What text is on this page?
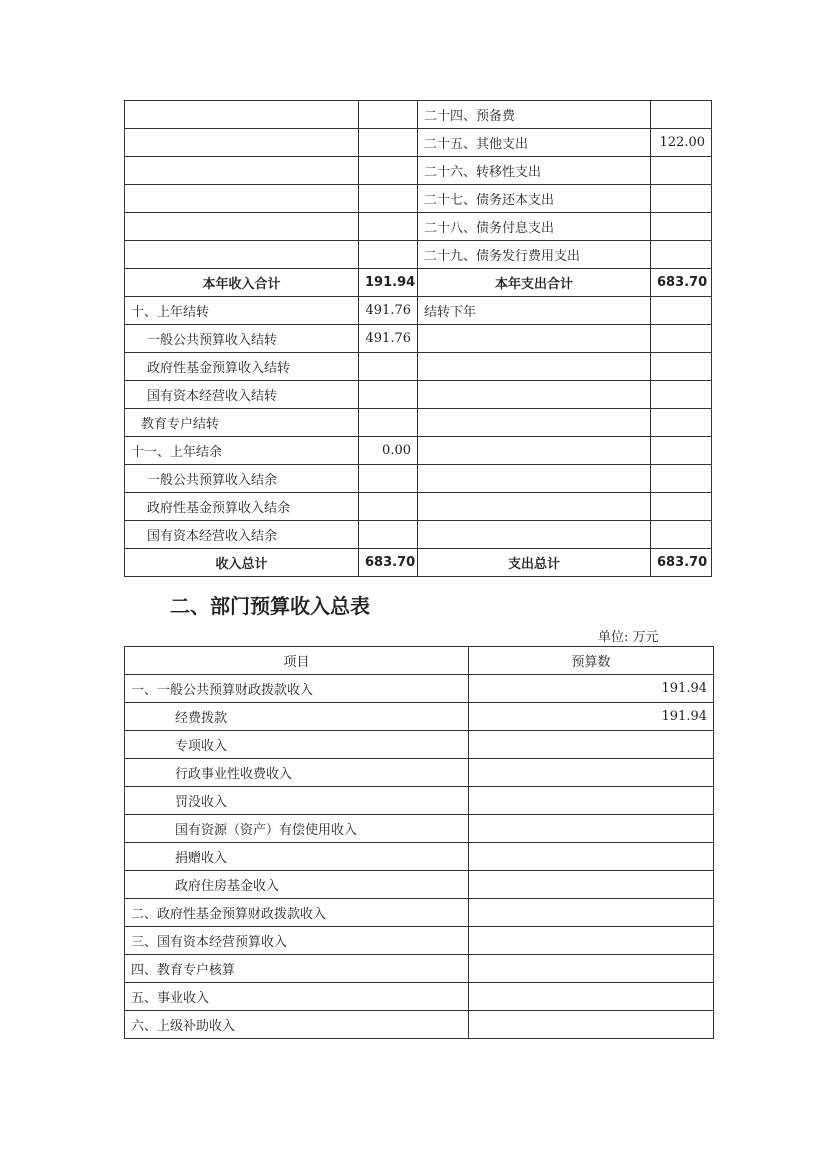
		二十四、预备费	
		二十五、其他支出	122.00
		二十六、转移性支出	
		二十七、债务还本支出	
		二十八、债务付息支出	
		二十九、债务发行费用支出	
本年收入合计	191.94	本年支出合计	683.70
十、上年结转	491.76	结转下年	
一般公共预算收入结转	491.76		
政府性基金预算收入结转			
国有资本经营收入结转			
教育专户结转			
十一、上年结余	0.00		
一般公共预算收入结余			
政府性基金预算收入结余			
国有资本经营收入结余			
收入总计	683.70	支出总计	683.70
二、部门预算收入总表
单位: 万元
项目	预算数
一、一般公共预算财政拨款收入	191.94
经费拨款	191.94
专项收入	
行政事业性收费收入	
罚没收入	
国有资源（资产）有偿使用收入	
捐赠收入	
政府住房基金收入	
二、政府性基金预算财政拨款收入	
三、国有资本经营预算收入	
四、教育专户核算	
五、事业收入	
六、上级补助收入	
